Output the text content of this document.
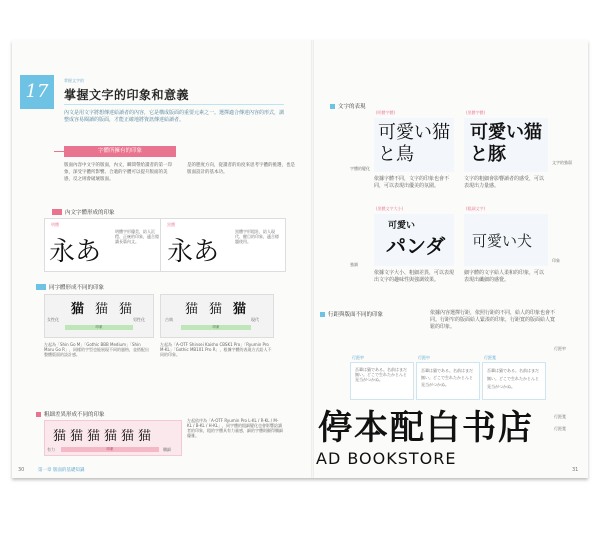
17
掌握文字的
掌握文字的印象和意義
內文是用文字將想傳達給讀者的內容，它是構成版面的重要元素之一。選擇適合傳達內容的形式，調整成容易閱讀的版面，才能正確地將資訊傳達給讀者。
字體所擁有的印象
版面內容中文字的版面，內文，瞬間帶給讀者的第一印象，深受字體所影響。合適的字體可以提升版面的美感，反之則會破壞版面。
是的態度方向，從讀者的角度來思考字體的挑選，也是版面設計的基本功。
內文字體形成的印象
明體
永あ
明體字形優美，給人沉穩、正統的印象，適合閱讀長篇內文。
黑體
永あ
黑體字形粗壯，給人現代、醒目的印象，適合標題使用。
同字體形成不同的印象
猫 猫 猫
女性化	男性化
印象
猫 猫 猫
古典	現代
印象
左起為「Shin Go M」「Gothic BBB Medium」「Shin Maru Go R」，同樣的字型也能展現不同的風格，並搭配出整體版面的設計感。
左起為「A-OTF Shinsei Kaisho CBSK1 Pro」「Ryumin Pro M-KL」「Gothic MB101 Pro R」，根據字體的表現方式給人不同的印象。
粗細差異形成不同的印象
猫猫猫猫猫猫
有力	纖細
印象
左起依序為「A-OTF Ryumin Pro L-KL / R-KL / M-KL / B-KL / H-KL」，同字體的粗細變化也會影響給讀者的印象，粗的字體具有力量感，細的字體則顯得纖細優雅。
30	第一章 版面的基礎知識
文字的表現
(明體字體)
可愛い猫と鳥
依據字體不同，文字的印象也會不同，可以表現出優美的氛圍。
字體的變化
(黑體字體)
可愛い猫と豚
文字的粗細會影響讀者的感受，可以表現出力量感。
文字的強弱
(黑體文字大小)
可愛い
パンダ
依據文字大小、粗細差異，可以表現出文字的趣味性與強調效果。
強調
(粗細文字)
可愛い犬
細字體的文字給人柔和的印象，可以表現出纖細的感覺。
印象
行距與版面不同的印象	依據內容選擇行距，依照行距的不同，給人的印象也會不同。行距窄的版面給人緊湊的印象，行距寬的版面給人寬鬆的印象。
行距窄
吾輩は猫である。名前はまだ無い。どこで生れたかとんと見当がつかぬ。
行距中
吾輩は猫である。名前はまだ無い。どこで生れたかとんと見当がつかぬ。
行距寬
吾輩は猫である。名前はまだ無い。どこで生れたかとんと見当がつかぬ。
行距窄
行距寬
行距寬
31
停本配白书店
AD BOOKSTORE
